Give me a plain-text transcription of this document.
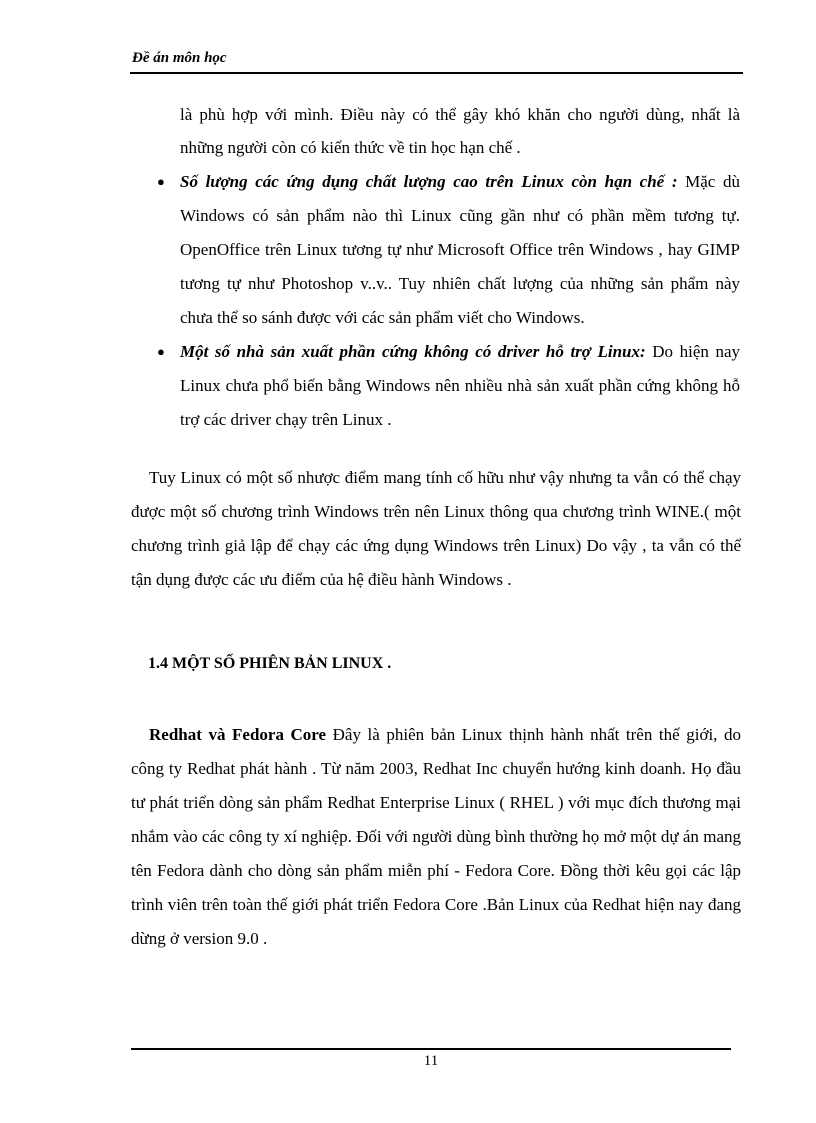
Đề án môn học
là phù hợp với mình. Điều này có thể gây khó khăn cho người dùng, nhất là những người còn có kiến thức về tin học hạn chế .
● Số lượng các ứng dụng chất lượng cao trên Linux còn hạn chế : Mặc dù Windows có sản phẩm nào thì Linux cũng gần như có phần mềm tương tự. OpenOffice trên Linux tương tự như Microsoft Office trên Windows , hay GIMP tương tự như Photoshop v..v.. Tuy nhiên chất lượng của những sản phẩm này chưa thể so sánh được với các sản phẩm viết cho Windows.
● Một số nhà sản xuất phần cứng không có driver hỗ trợ Linux: Do hiện nay Linux chưa phổ biến bằng Windows nên nhiều nhà sản xuất phần cứng không hỗ trợ các driver chạy trên Linux .
Tuy Linux có một số nhược điểm mang tính cố hữu như vậy nhưng ta vẫn có thể chạy được một số chương trình Windows trên nên Linux thông qua chương trình WINE.( một chương trình giả lập để chạy các ứng dụng Windows trên Linux) Do vậy , ta vẫn có thể tận dụng được các ưu điểm của hệ điều hành Windows .
1.4 MỘT SỐ PHIÊN BẢN LINUX .
Redhat và Fedora Core Đây là phiên bản Linux thịnh hành nhất trên thế giới, do công ty Redhat phát hành . Từ năm 2003, Redhat Inc chuyển hướng kinh doanh. Họ đầu tư phát triển dòng sản phẩm Redhat Enterprise Linux ( RHEL ) với mục đích thương mại nhắm vào các công ty xí nghiệp. Đối với người dùng bình thường họ mở một dự án mang tên Fedora dành cho dòng sản phẩm miễn phí - Fedora Core. Đồng thời kêu gọi các lập trình viên trên toàn thế giới phát triển Fedora Core .Bản Linux của Redhat hiện nay đang dừng ở version 9.0 .
11
